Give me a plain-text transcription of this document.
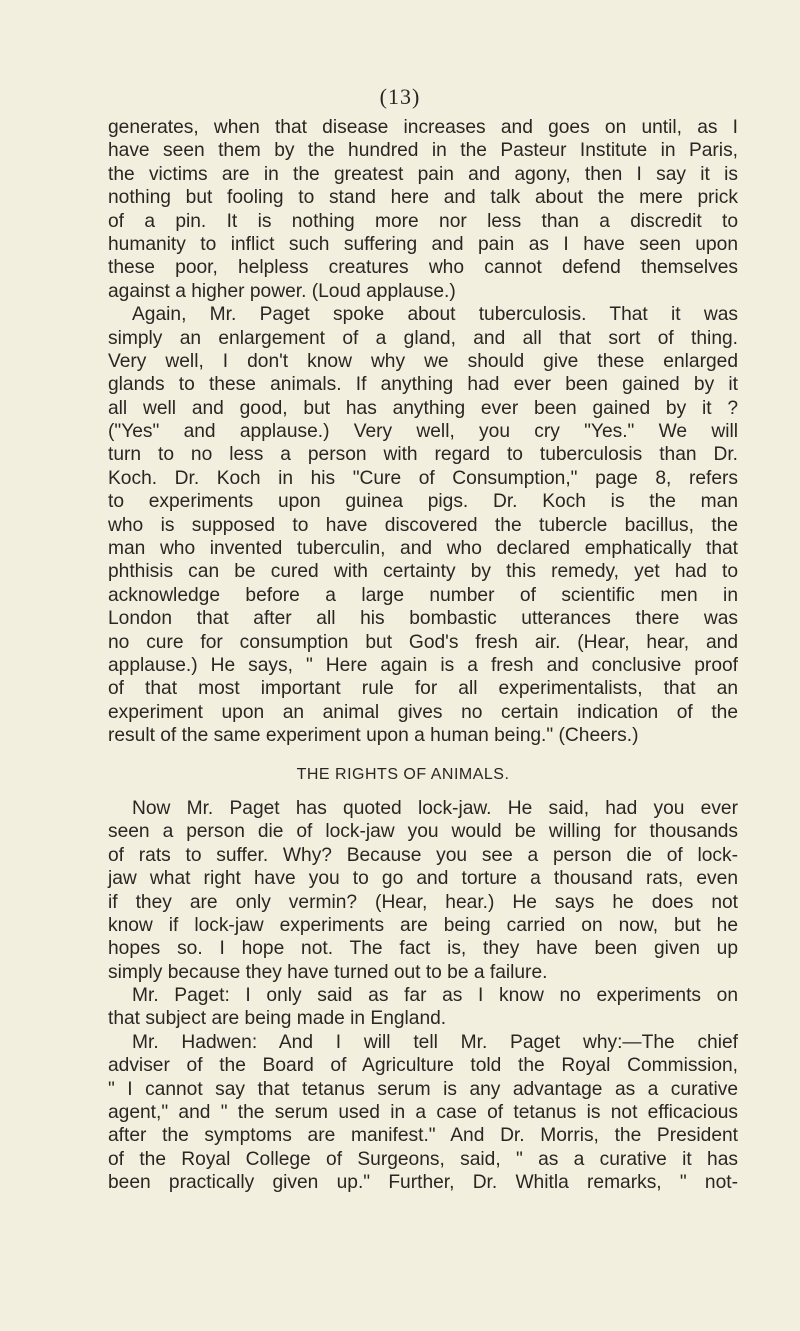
(13)
generates, when that disease increases and goes on until, as I
have seen them by the hundred in the Pasteur Institute in Paris,
the victims are in the greatest pain and agony, then I say it is
nothing but fooling to stand here and talk about the mere prick
of a pin. It is nothing more nor less than a discredit to
humanity to inflict such suffering and pain as I have seen upon
these poor, helpless creatures who cannot defend themselves
against a higher power. (Loud applause.)
Again, Mr. Paget spoke about tuberculosis. That it was
simply an enlargement of a gland, and all that sort of thing.
Very well, I don't know why we should give these enlarged
glands to these animals. If anything had ever been gained by it
all well and good, but has anything ever been gained by it ?
("Yes" and applause.) Very well, you cry "Yes." We will
turn to no less a person with regard to tuberculosis than Dr.
Koch. Dr. Koch in his "Cure of Consumption," page 8, refers
to experiments upon guinea pigs. Dr. Koch is the man
who is supposed to have discovered the tubercle bacillus, the
man who invented tuberculin, and who declared emphatically that
phthisis can be cured with certainty by this remedy, yet had to
acknowledge before a large number of scientific men in
London that after all his bombastic utterances there was
no cure for consumption but God's fresh air. (Hear, hear, and
applause.) He says, " Here again is a fresh and conclusive proof
of that most important rule for all experimentalists, that an
experiment upon an animal gives no certain indication of the
result of the same experiment upon a human being." (Cheers.)
THE RIGHTS OF ANIMALS.
Now Mr. Paget has quoted lock-jaw. He said, had you ever
seen a person die of lock-jaw you would be willing for thousands
of rats to suffer. Why? Because you see a person die of lock-
jaw what right have you to go and torture a thousand rats, even
if they are only vermin? (Hear, hear.) He says he does not
know if lock-jaw experiments are being carried on now, but he
hopes so. I hope not. The fact is, they have been given up
simply because they have turned out to be a failure.
Mr. Paget: I only said as far as I know no experiments on
that subject are being made in England.
Mr. Hadwen: And I will tell Mr. Paget why:—The chief
adviser of the Board of Agriculture told the Royal Commission,
" I cannot say that tetanus serum is any advantage as a curative
agent," and " the serum used in a case of tetanus is not efficacious
after the symptoms are manifest." And Dr. Morris, the President
of the Royal College of Surgeons, said, " as a curative it has
been practically given up." Further, Dr. Whitla remarks, " not-
